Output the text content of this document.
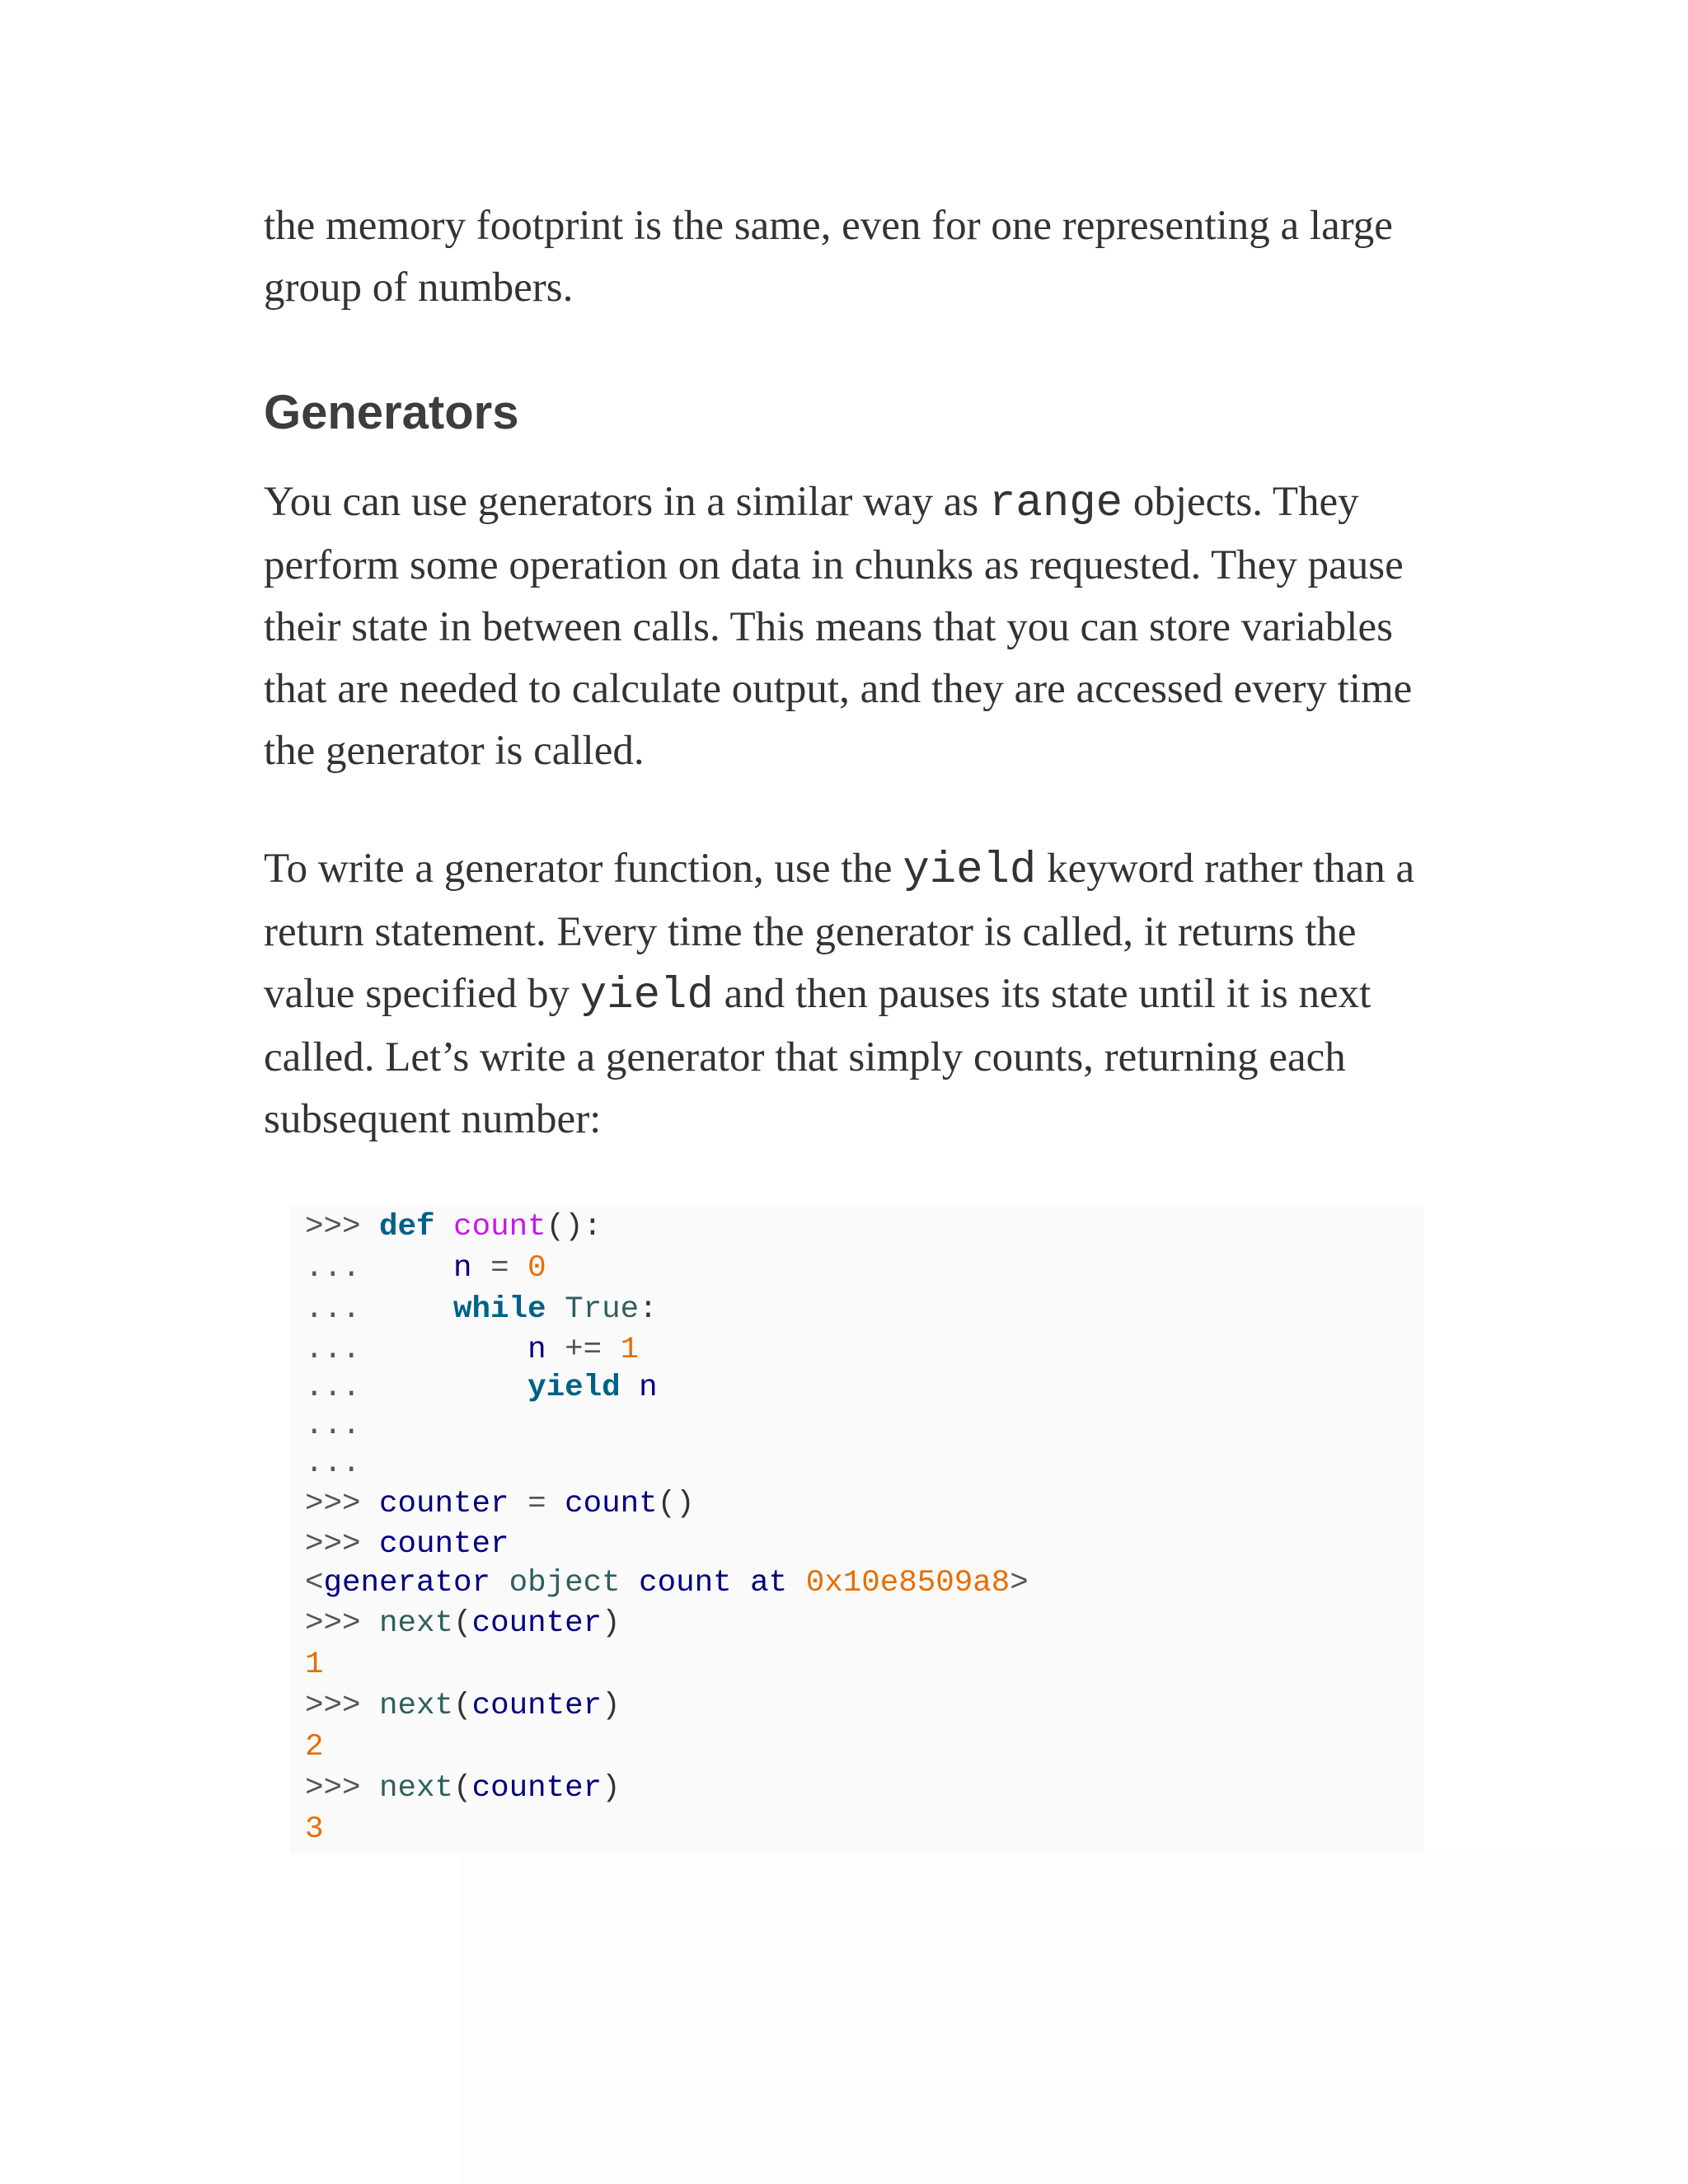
the memory footprint is the same, even for one representing a large group of numbers.

Generators

You can use generators in a similar way as range objects. They perform some operation on data in chunks as requested. They pause their state in between calls. This means that you can store variables that are needed to calculate output, and they are accessed every time the generator is called.

To write a generator function, use the yield keyword rather than a return statement. Every time the generator is called, it returns the value specified by yield and then pauses its state until it is next called. Let’s write a generator that simply counts, returning each subsequent number:

>>> def count():
...	n = 0
...	while True:
...	n += 1
...	yield n
...
...
>>> counter = count()
>>> counter
<generator object count at 0x10e8509a8>
>>> next(counter)
1
>>> next(counter)
2
>>> next(counter)
3
